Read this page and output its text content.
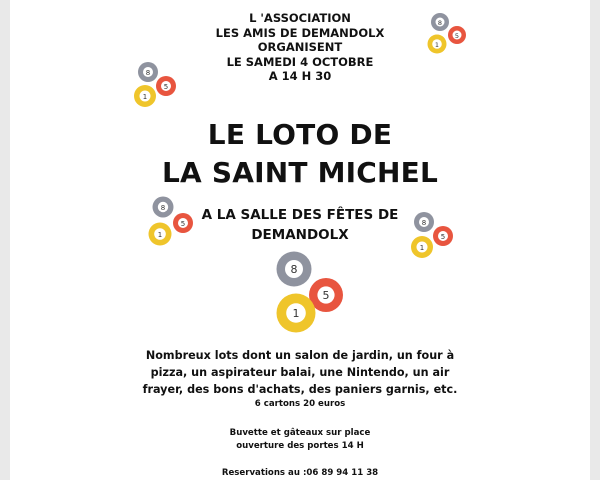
L 'ASSOCIATION
LES AMIS DE DEMANDOLX
ORGANISENT
LE SAMEDI 4 OCTOBRE
A 14 H 30
LE LOTO DE
LA SAINT MICHEL
A LA SALLE DES FÊTES DE
DEMANDOLX
Nombreux lots dont un salon de jardin, un four à
pizza, un aspirateur balai, une Nintendo, un air
frayer, des bons d'achats, des paniers garnis, etc.
6 cartons 20 euros
Buvette et gâteaux sur place
ouverture des portes 14 H
Reservations au :06 89 94 11 38
8
5
1
8
5
1
8
5
1
8
5
1
8
5
1
